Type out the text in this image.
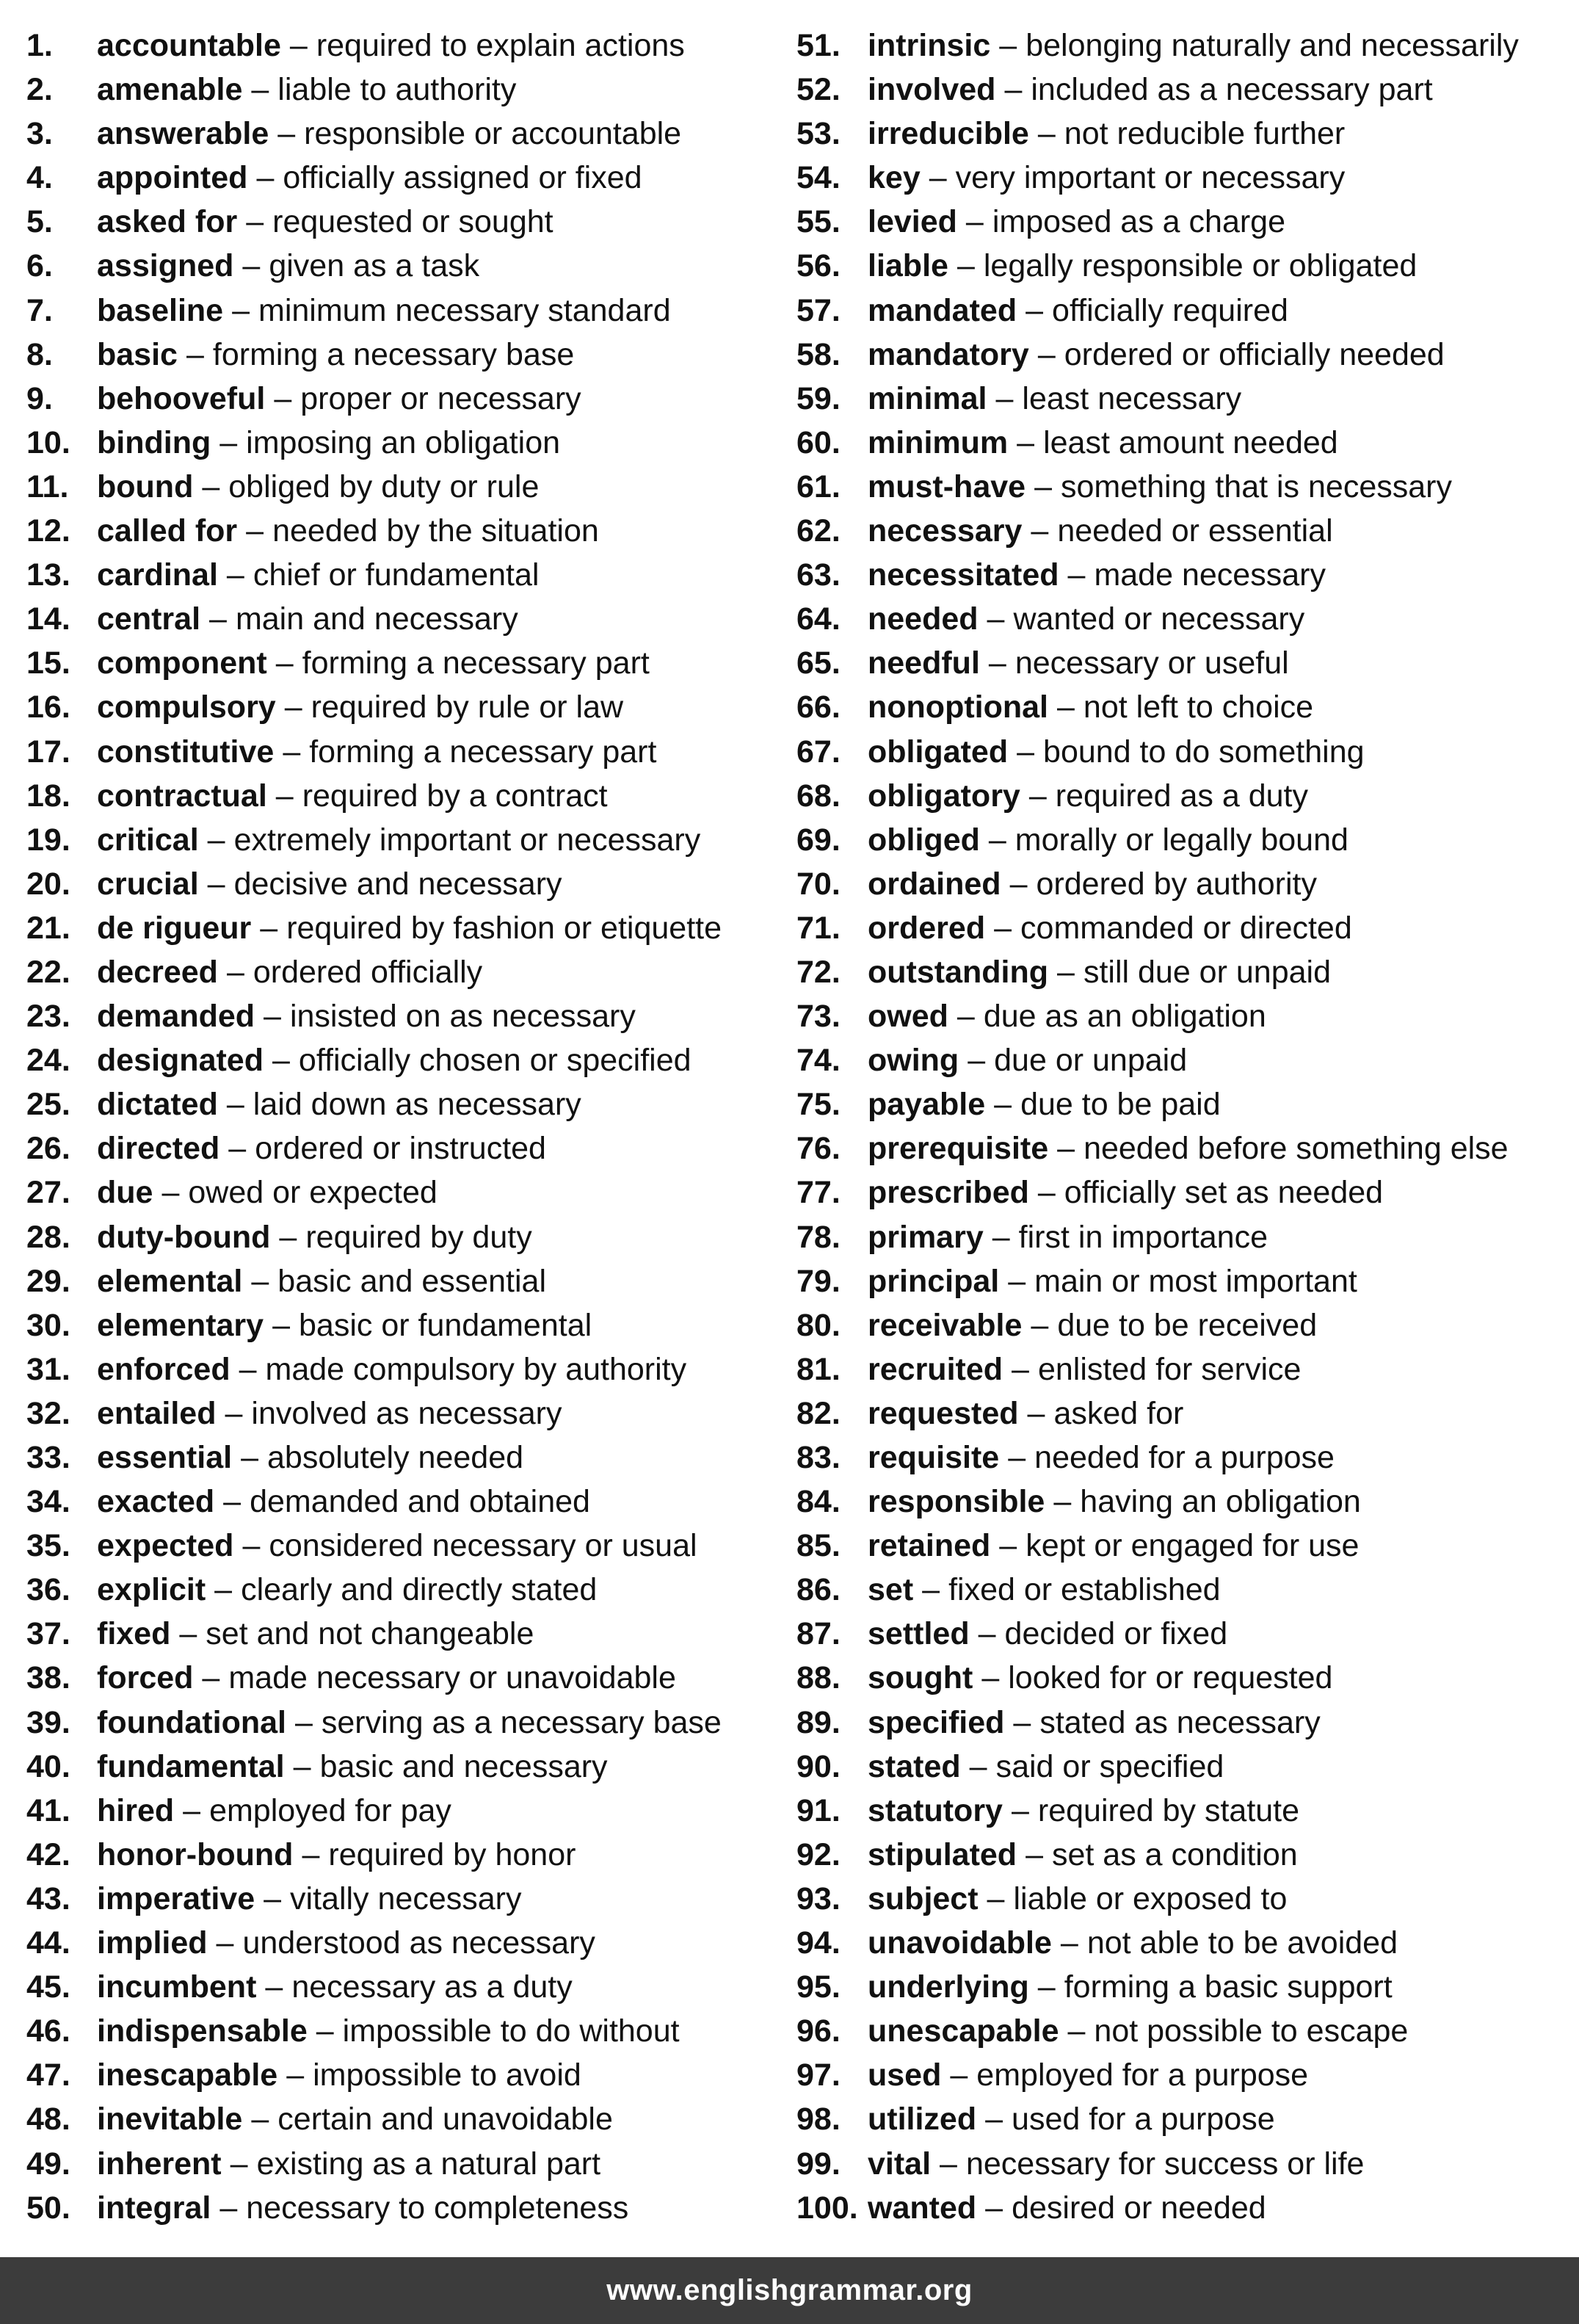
1.	accountable – required to explain actions
2.	amenable – liable to authority
3.	answerable – responsible or accountable
4.	appointed – officially assigned or fixed
5.	asked for – requested or sought
6.	assigned – given as a task
7.	baseline – minimum necessary standard
8.	basic – forming a necessary base
9.	behooveful – proper or necessary
10. binding – imposing an obligation
11. bound – obliged by duty or rule
12. called for – needed by the situation
13. cardinal – chief or fundamental
14. central – main and necessary
15. component – forming a necessary part
16. compulsory – required by rule or law
17. constitutive – forming a necessary part
18. contractual – required by a contract
19. critical – extremely important or necessary
20. crucial – decisive and necessary
21. de rigueur – required by fashion or etiquette
22. decreed – ordered officially
23. demanded – insisted on as necessary
24. designated – officially chosen or specified
25. dictated – laid down as necessary
26. directed – ordered or instructed
27. due – owed or expected
28. duty-bound – required by duty
29. elemental – basic and essential
30. elementary – basic or fundamental
31. enforced – made compulsory by authority
32. entailed – involved as necessary
33. essential – absolutely needed
34. exacted – demanded and obtained
35. expected – considered necessary or usual
36. explicit – clearly and directly stated
37. fixed – set and not changeable
38. forced – made necessary or unavoidable
39. foundational – serving as a necessary base
40. fundamental – basic and necessary
41. hired – employed for pay
42. honor-bound – required by honor
43. imperative – vitally necessary
44. implied – understood as necessary
45. incumbent – necessary as a duty
46. indispensable – impossible to do without
47. inescapable – impossible to avoid
48. inevitable – certain and unavoidable
49. inherent – existing as a natural part
50. integral – necessary to completeness
51. intrinsic – belonging naturally and necessarily
52. involved – included as a necessary part
53. irreducible – not reducible further
54. key – very important or necessary
55. levied – imposed as a charge
56. liable – legally responsible or obligated
57. mandated – officially required
58. mandatory – ordered or officially needed
59. minimal – least necessary
60. minimum – least amount needed
61. must-have – something that is necessary
62. necessary – needed or essential
63. necessitated – made necessary
64. needed – wanted or necessary
65. needful – necessary or useful
66. nonoptional – not left to choice
67. obligated – bound to do something
68. obligatory – required as a duty
69. obliged – morally or legally bound
70. ordained – ordered by authority
71. ordered – commanded or directed
72. outstanding – still due or unpaid
73. owed – due as an obligation
74. owing – due or unpaid
75. payable – due to be paid
76. prerequisite – needed before something else
77. prescribed – officially set as needed
78. primary – first in importance
79. principal – main or most important
80. receivable – due to be received
81. recruited – enlisted for service
82. requested – asked for
83. requisite – needed for a purpose
84. responsible – having an obligation
85. retained – kept or engaged for use
86. set – fixed or established
87. settled – decided or fixed
88. sought – looked for or requested
89. specified – stated as necessary
90. stated – said or specified
91. statutory – required by statute
92. stipulated – set as a condition
93. subject – liable or exposed to
94. unavoidable – not able to be avoided
95. underlying – forming a basic support
96. unescapable – not possible to escape
97. used – employed for a purpose
98. utilized – used for a purpose
99. vital – necessary for success or life
100. wanted – desired or needed
www.englishgrammar.org
